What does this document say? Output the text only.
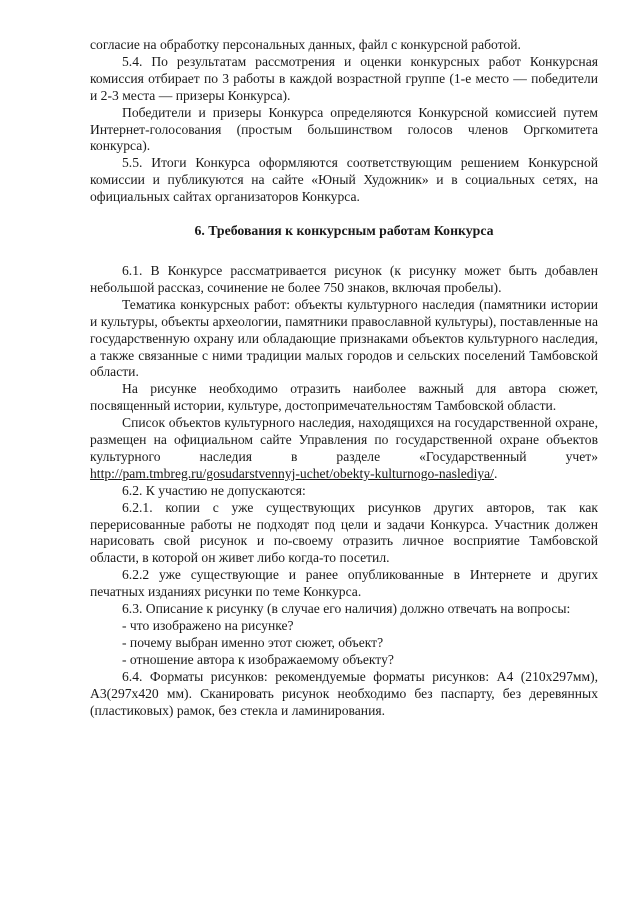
согласие на обработку персональных данных, файл с конкурсной работой.

5.4. По результатам рассмотрения и оценки конкурсных работ Конкурсная комиссия отбирает по 3 работы в каждой возрастной группе (1-е место — победители и 2-3 места — призеры Конкурса).

Победители и призеры Конкурса определяются Конкурсной комиссией путем Интернет-голосования (простым большинством голосов членов Оргкомитета конкурса).

5.5. Итоги Конкурса оформляются соответствующим решением Конкурсной комиссии и публикуются на сайте «Юный Художник» и в социальных сетях, на официальных сайтах организаторов Конкурса.

6. Требования к конкурсным работам Конкурса

6.1. В Конкурсе рассматривается рисунок (к рисунку может быть добавлен небольшой рассказ, сочинение не более 750 знаков, включая пробелы).

Тематика конкурсных работ: объекты культурного наследия (памятники истории и культуры, объекты археологии, памятники православной культуры), поставленные на государственную охрану или обладающие признаками объектов культурного наследия, а также связанные с ними традиции малых городов и сельских поселений Тамбовской области.

На рисунке необходимо отразить наиболее важный для автора сюжет, посвященный истории, культуре, достопримечательностям Тамбовской области.

Список объектов культурного наследия, находящихся на государственной охране, размещен на официальном сайте Управления по государственной охране объектов культурного наследия в разделе «Государственный учет» http://pam.tmbreg.ru/gosudarstvennyj-uchet/obekty-kulturnogo-naslediya/.

6.2. К участию не допускаются:

6.2.1. копии с уже существующих рисунков других авторов, так как перерисованные работы не подходят под цели и задачи Конкурса. Участник должен нарисовать свой рисунок и по-своему отразить личное восприятие Тамбовской области, в которой он живет либо когда-то посетил.

6.2.2 уже существующие и ранее опубликованные в Интернете и других печатных изданиях рисунки по теме Конкурса.

6.3. Описание к рисунку (в случае его наличия) должно отвечать на вопросы:

- что изображено на рисунке?

- почему выбран именно этот сюжет, объект?

- отношение автора к изображаемому объекту?

6.4. Форматы рисунков: рекомендуемые форматы рисунков: А4 (210х297мм), А3(297х420 мм). Сканировать рисунок необходимо без паспарту, без деревянных (пластиковых) рамок, без стекла и ламинирования.
